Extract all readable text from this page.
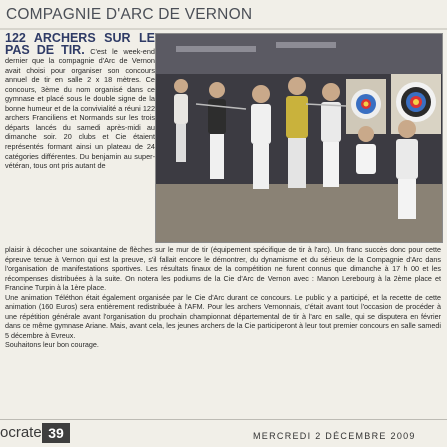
COMPAGNIE D'ARC DE VERNON
122 ARCHERS SUR LE PAS DE TIR. C'est le week-end dernier que la compagnie d'Arc de Vernon avait choisi pour organiser son concours annuel de tir en salle 2 x 18 mètres. Ce concours, 3ème du nom organisé dans ce gymnase et placé sous le double signe de la bonne humeur et de la convivialité a réuni 122 archers Franciliens et Normands sur les trois départs lancés du samedi après-midi au dimanche soir. 20 clubs et Cie étaient représentés formant ainsi un plateau de 24 catégories différentes. Du benjamin au super-vétéran, tous ont pris autant de

plaisir à décocher une soixantaine de flèches sur le mur de tir (équipement spécifique de tir à l'arc). Un franc succès donc pour cette épreuve tenue à Vernon qui est la preuve, s'il fallait encore le démontrer, du dynamisme et du sérieux de la Compagnie d'Arc dans l'organisation de manifestations sportives. Les résultats finaux de la compétition ne furent connus que dimanche à 17 h 00 et les récompenses distribuées à la suite. On notera les podiums de la Cie d'Arc de Vernon avec : Manon Lerebourg à la 2ème place et Francine Turpin à la 1ère place.

Une animation Téléthon était également organisée par le Cie d'Arc durant ce concours. Le public y a participé, et la recette de cette animation (160 Euros) sera entièrement redistribuée à l'AFM. Pour les archers Vernonnais, c'était avant tout l'occasion de procéder à une répétition générale avant l'organisation du prochain championnat départemental de tir à l'arc en salle, qui se disputera en février dans ce même gymnase Ariane. Mais, avant cela, les jeunes archers de la Cie participeront à leur tout premier concours en salle samedi 5 décembre à Evreux.

Souhaitons leur bon courage.

ocrate 39	MERCREDI 2 DÉCEMBRE 2009
